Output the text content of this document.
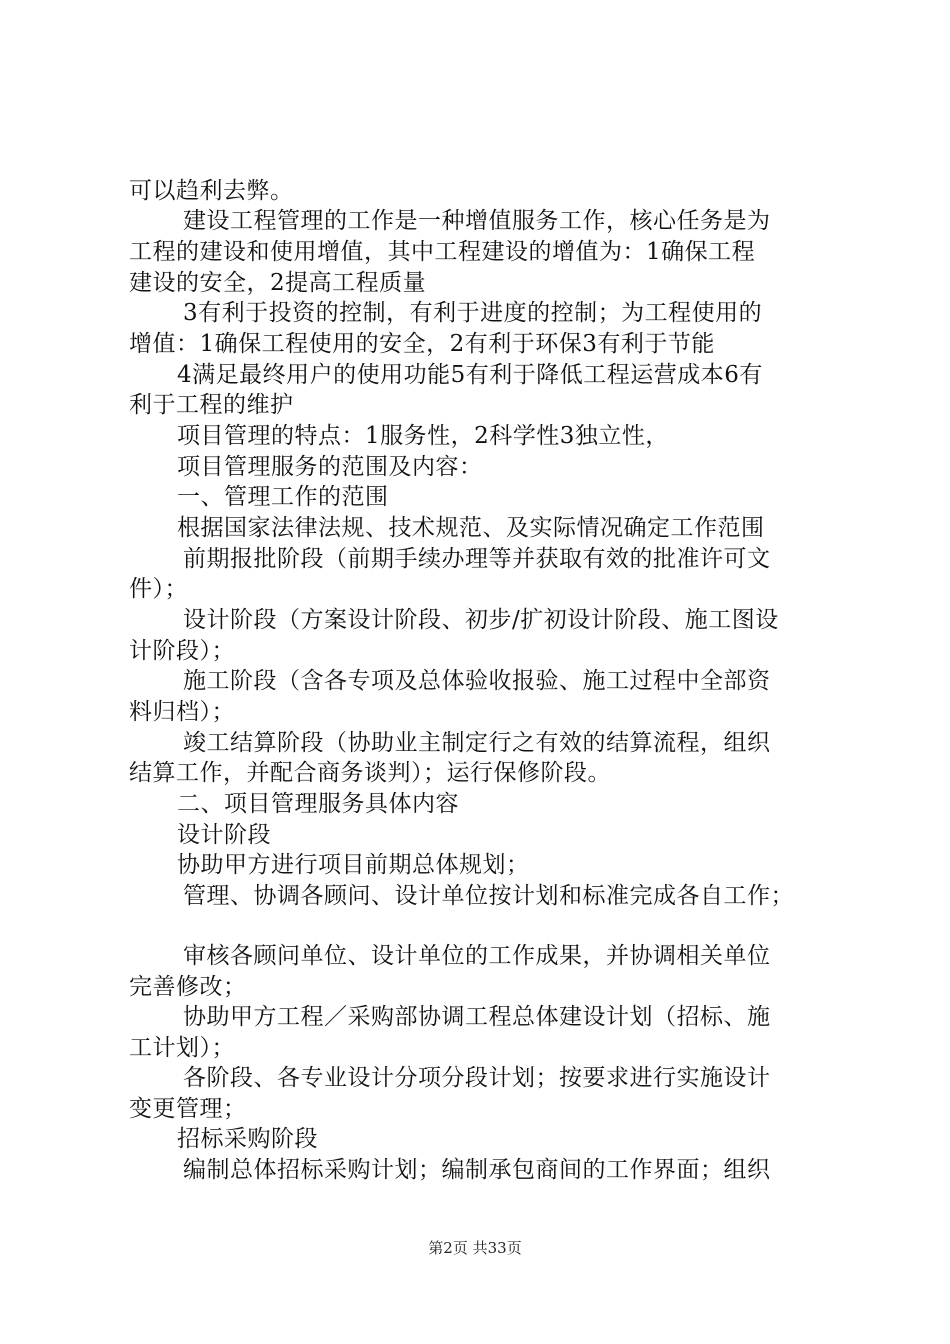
可以趋利去弊。
建设工程管理的工作是一种增值服务工作，核心任务是为
工程的建设和使用增值，其中工程建设的增值为：1确保工程
建设的安全，2提高工程质量
3有利于投资的控制，有利于进度的控制；为工程使用的
增值：1确保工程使用的安全，2有利于环保3有利于节能
4满足最终用户的使用功能5有利于降低工程运营成本6有
利于工程的维护
项目管理的特点：1服务性，2科学性3独立性，
项目管理服务的范围及内容：
一、管理工作的范围
根据国家法律法规、技术规范、及实际情况确定工作范围
前期报批阶段（前期手续办理等并获取有效的批准许可文
件）；
设计阶段（方案设计阶段、初步/扩初设计阶段、施工图设
计阶段）；
施工阶段（含各专项及总体验收报验、施工过程中全部资
料归档）；
竣工结算阶段（协助业主制定行之有效的结算流程，组织
结算工作，并配合商务谈判）；运行保修阶段。
二、项目管理服务具体内容
设计阶段
协助甲方进行项目前期总体规划；
管理、协调各顾问、设计单位按计划和标准完成各自工作；
审核各顾问单位、设计单位的工作成果，并协调相关单位
完善修改；
协助甲方工程／采购部协调工程总体建设计划（招标、施
工计划）；
各阶段、各专业设计分项分段计划；按要求进行实施设计
变更管理；
招标采购阶段
编制总体招标采购计划；编制承包商间的工作界面；组织
第2页 共33页
